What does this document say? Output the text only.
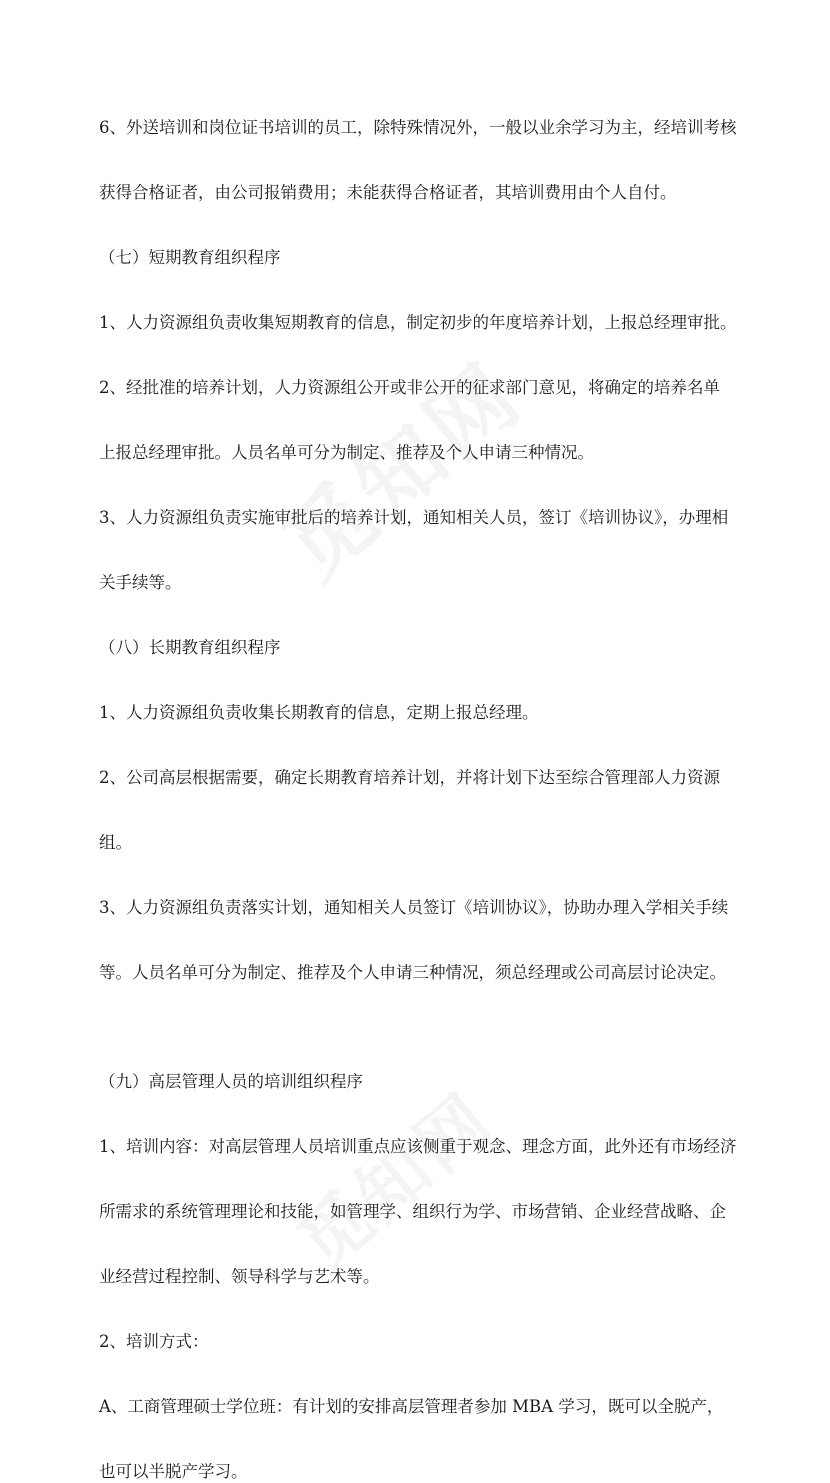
6、外送培训和岗位证书培训的员工，除特殊情况外，一般以业余学习为主，经培训考核
获得合格证者，由公司报销费用；未能获得合格证者，其培训费用由个人自付。
（七）短期教育组织程序
1、人力资源组负责收集短期教育的信息，制定初步的年度培养计划，上报总经理审批。
2、经批准的培养计划，人力资源组公开或非公开的征求部门意见，将确定的培养名单
上报总经理审批。人员名单可分为制定、推荐及个人申请三种情况。
3、人力资源组负责实施审批后的培养计划，通知相关人员，签订《培训协议》，办理相
关手续等。
（八）长期教育组织程序
1、人力资源组负责收集长期教育的信息，定期上报总经理。
2、公司高层根据需要，确定长期教育培养计划，并将计划下达至综合管理部人力资源
组。
3、人力资源组负责落实计划，通知相关人员签订《培训协议》，协助办理入学相关手续
等。人员名单可分为制定、推荐及个人申请三种情况，须总经理或公司高层讨论决定。
（九）高层管理人员的培训组织程序
1、培训内容：对高层管理人员培训重点应该侧重于观念、理念方面，此外还有市场经济
所需求的系统管理理论和技能，如管理学、组织行为学、市场营销、企业经营战略、企
业经营过程控制、领导科学与艺术等。
2、培训方式：
A、工商管理硕士学位班：有计划的安排高层管理者参加 MBA 学习，既可以全脱产，
也可以半脱产学习。
